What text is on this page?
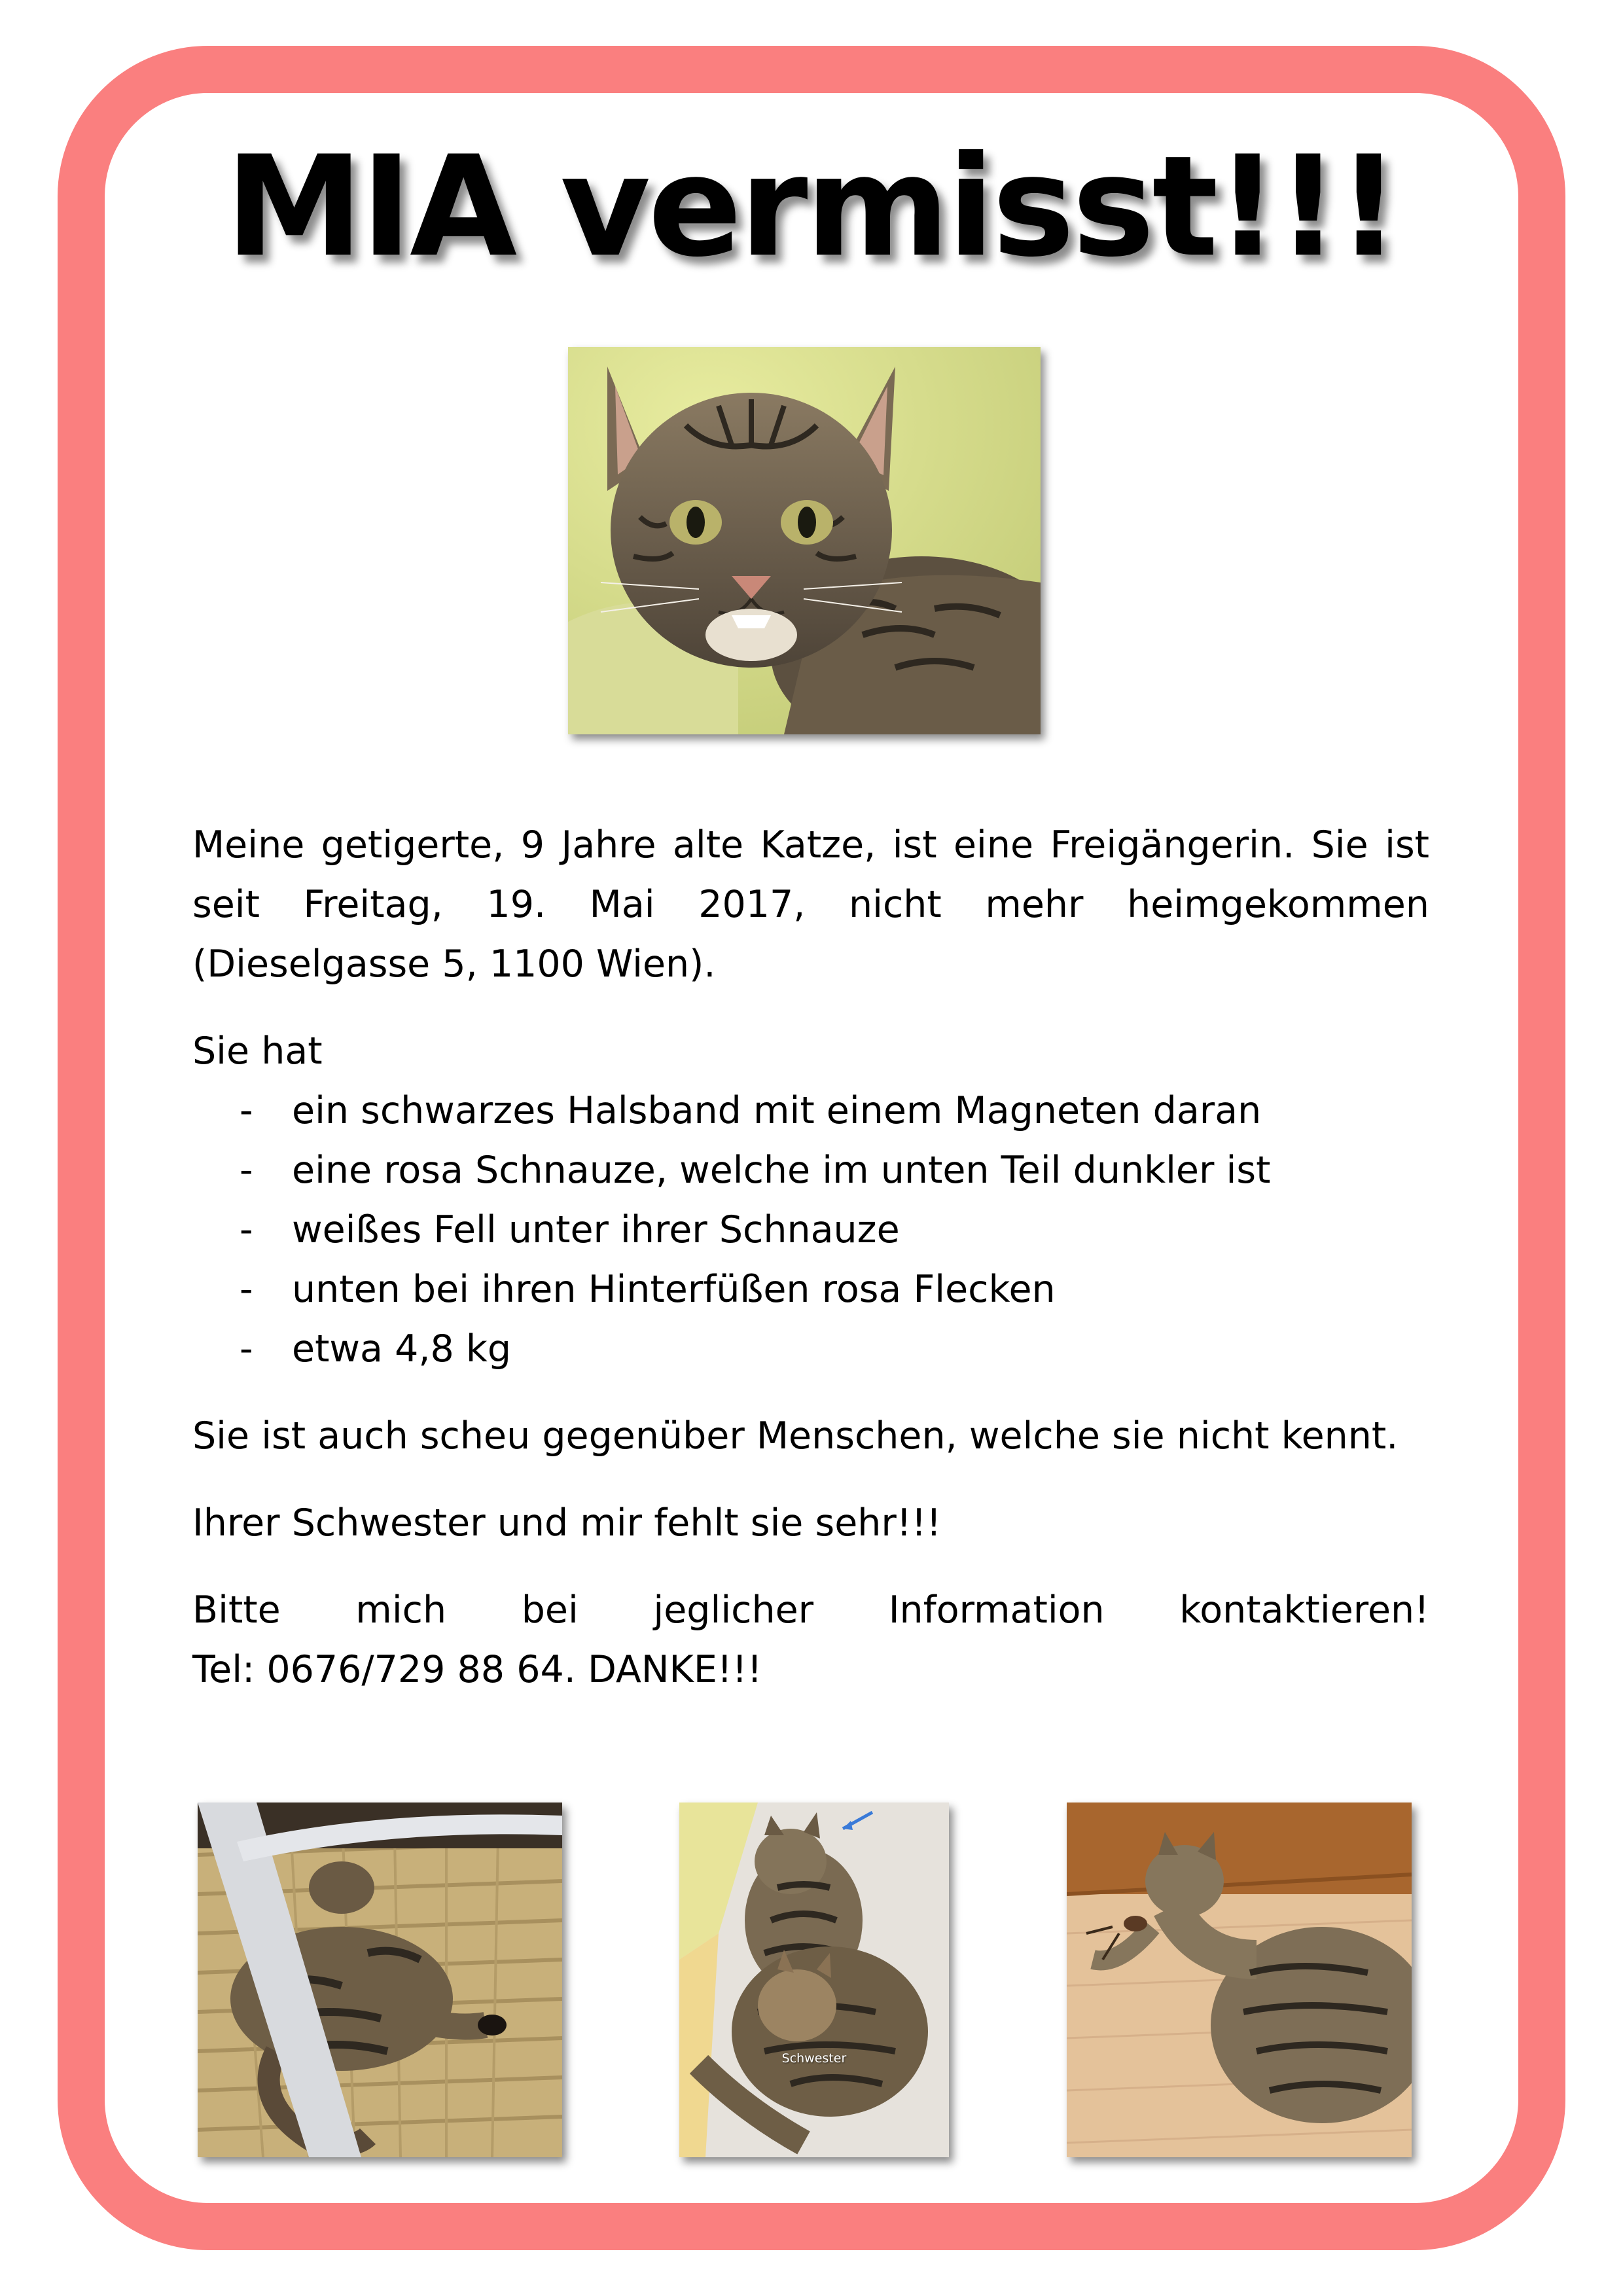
MIA vermisst!!!

Meine getigerte, 9 Jahre alte Katze, ist eine Freigängerin. Sie ist seit Freitag, 19. Mai 2017, nicht mehr heimgekommen (Dieselgasse 5, 1100 Wien).

Sie hat

- ein schwarzes Halsband mit einem Magneten daran
- eine rosa Schnauze, welche im unten Teil dunkler ist
- weißes Fell unter ihrer Schnauze
- unten bei ihren Hinterfüßen rosa Flecken
- etwa 4,8 kg

Sie ist auch scheu gegenüber Menschen, welche sie nicht kennt.

Ihrer Schwester und mir fehlt sie sehr!!!

Bitte mich bei jeglicher Information kontaktieren!

Tel: 0676/729 88 64. DANKE!!!

Schwester
